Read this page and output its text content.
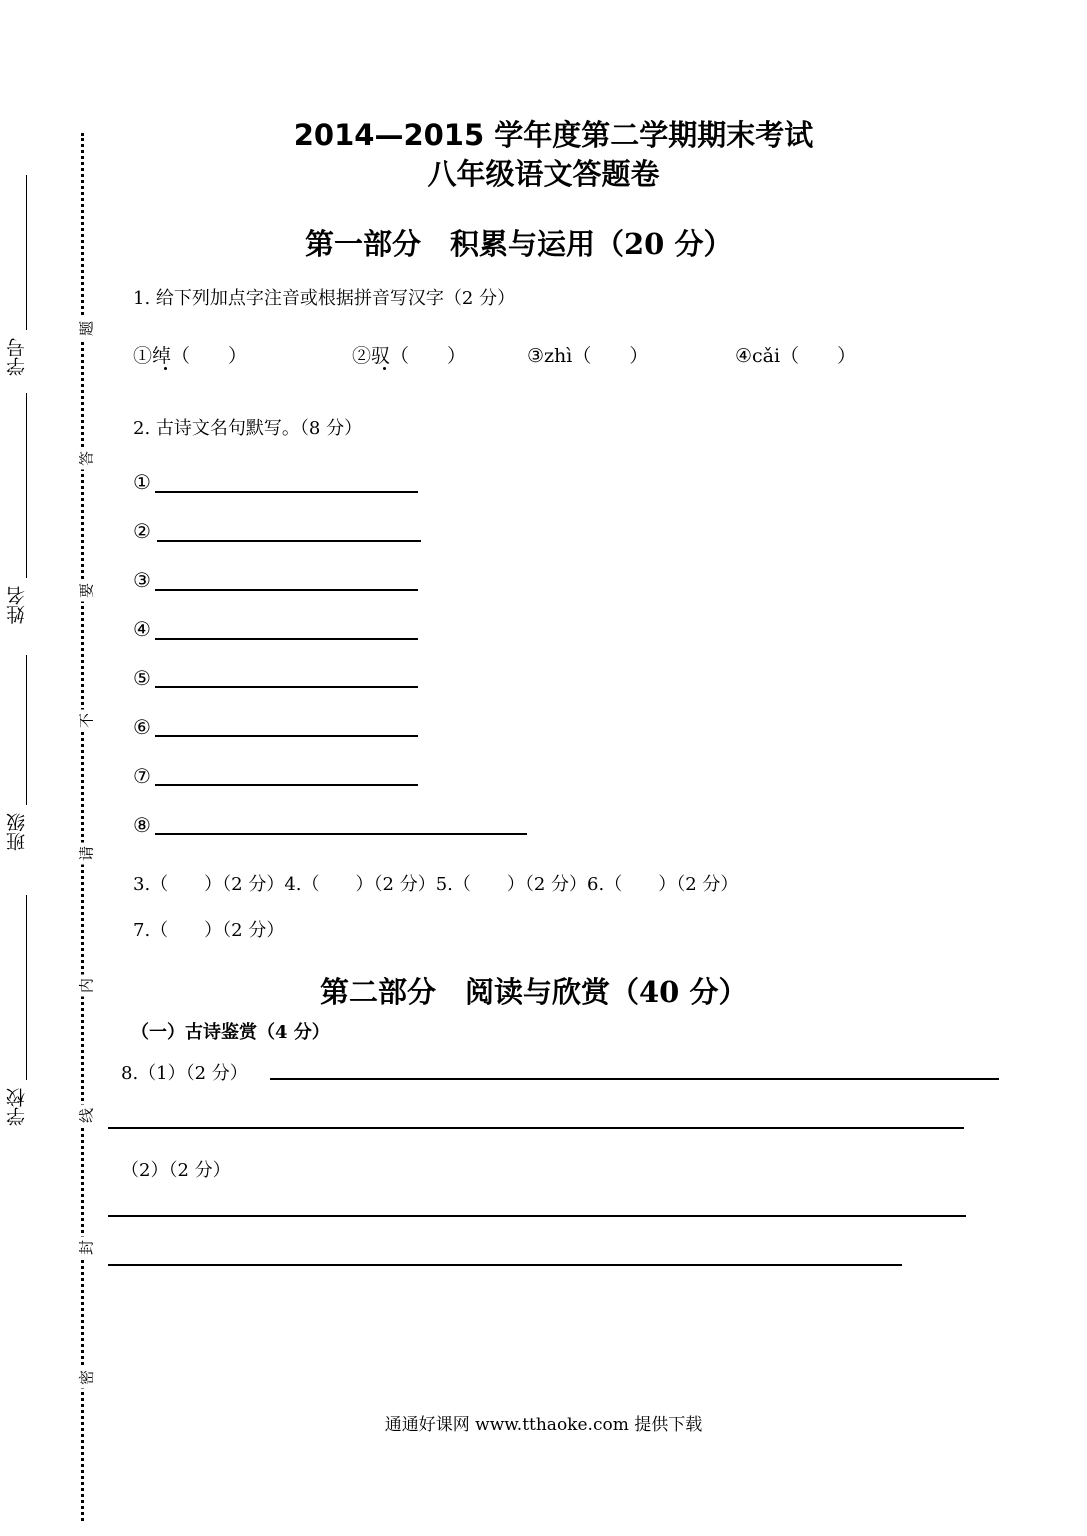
学号
姓名
班级
学校
题
答
要
不
请
内
线
封
密
2014—2015 学年度第二学期期末考试
八年级语文答题卷
第一部分　积累与运用（20 分）
1. 给下列加点字注音或根据拼音写汉字（2 分）
①绰（　　）	②驭（　　）	③zhì（　　）	④cǎi（　　）
2. 古诗文名句默写。（8 分）
①
②
③
④
⑤
⑥
⑦
⑧
3.（　　）（2 分）4.（　　）（2 分）5.（　　）（2 分）6.（　　）（2 分）
7.（　　）（2 分）
第二部分　阅读与欣赏（40 分）
（一）古诗鉴赏（4 分）
8.（1）（2 分）
（2）（2 分）
通通好课网 www.tthaoke.com 提供下载
